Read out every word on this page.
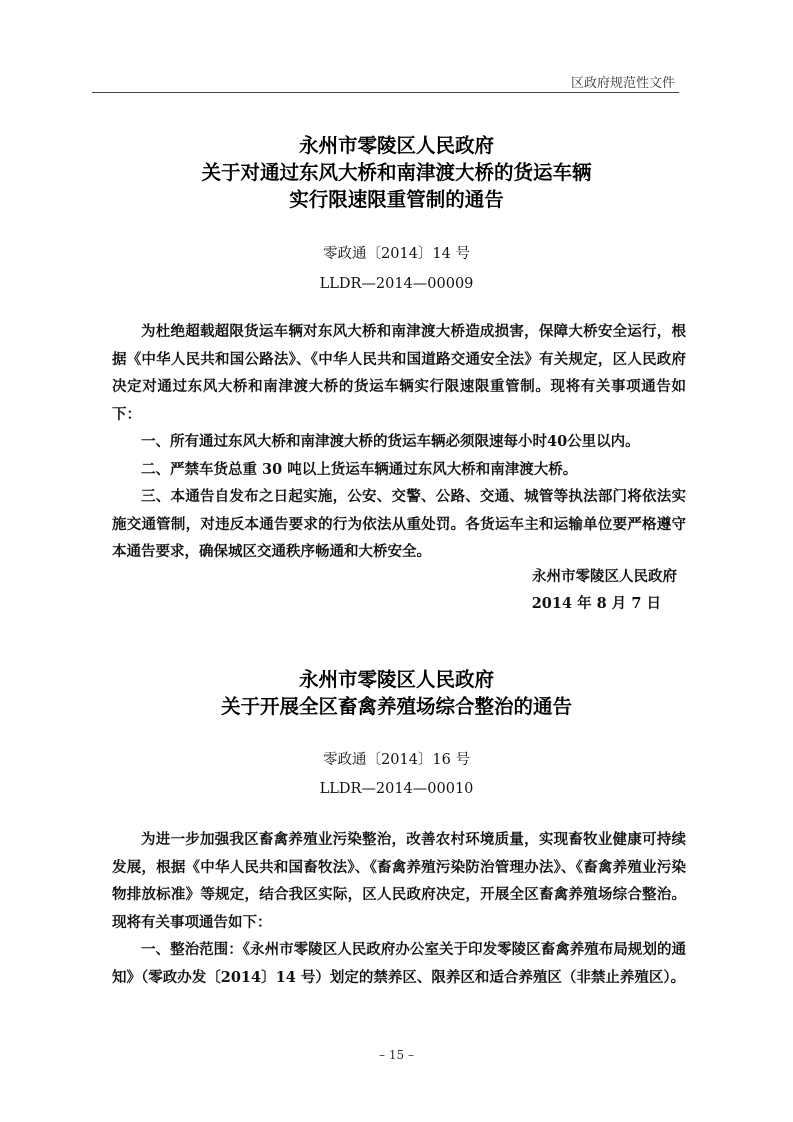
区政府规范性文件
永州市零陵区人民政府
关于对通过东风大桥和南津渡大桥的货运车辆
实行限速限重管制的通告
零政通〔2014〕14 号
LLDR—2014—00009

为杜绝超载超限货运车辆对东风大桥和南津渡大桥造成损害，保障大桥安全运行，根据《中华人民共和国公路法》、《中华人民共和国道路交通安全法》有关规定，区人民政府决定对通过东风大桥和南津渡大桥的货运车辆实行限速限重管制。现将有关事项通告如下：

一、所有通过东风大桥和南津渡大桥的货运车辆必须限速每小时40公里以内。

二、严禁车货总重 30 吨以上货运车辆通过东风大桥和南津渡大桥。

三、本通告自发布之日起实施，公安、交警、公路、交通、城管等执法部门将依法实施交通管制，对违反本通告要求的行为依法从重处罚。各货运车主和运输单位要严格遵守本通告要求，确保城区交通秩序畅通和大桥安全。

永州市零陵区人民政府
2014 年 8 月 7 日
永州市零陵区人民政府
关于开展全区畜禽养殖场综合整治的通告
零政通〔2014〕16 号
LLDR—2014—00010

为进一步加强我区畜禽养殖业污染整治，改善农村环境质量，实现畜牧业健康可持续发展，根据《中华人民共和国畜牧法》、《畜禽养殖污染防治管理办法》、《畜禽养殖业污染物排放标准》等规定，结合我区实际，区人民政府决定，开展全区畜禽养殖场综合整治。现将有关事项通告如下：

一、整治范围：《永州市零陵区人民政府办公室关于印发零陵区畜禽养殖布局规划的通知》（零政办发〔2014〕14 号）划定的禁养区、限养区和适合养殖区（非禁止养殖区）。

– 15 –
